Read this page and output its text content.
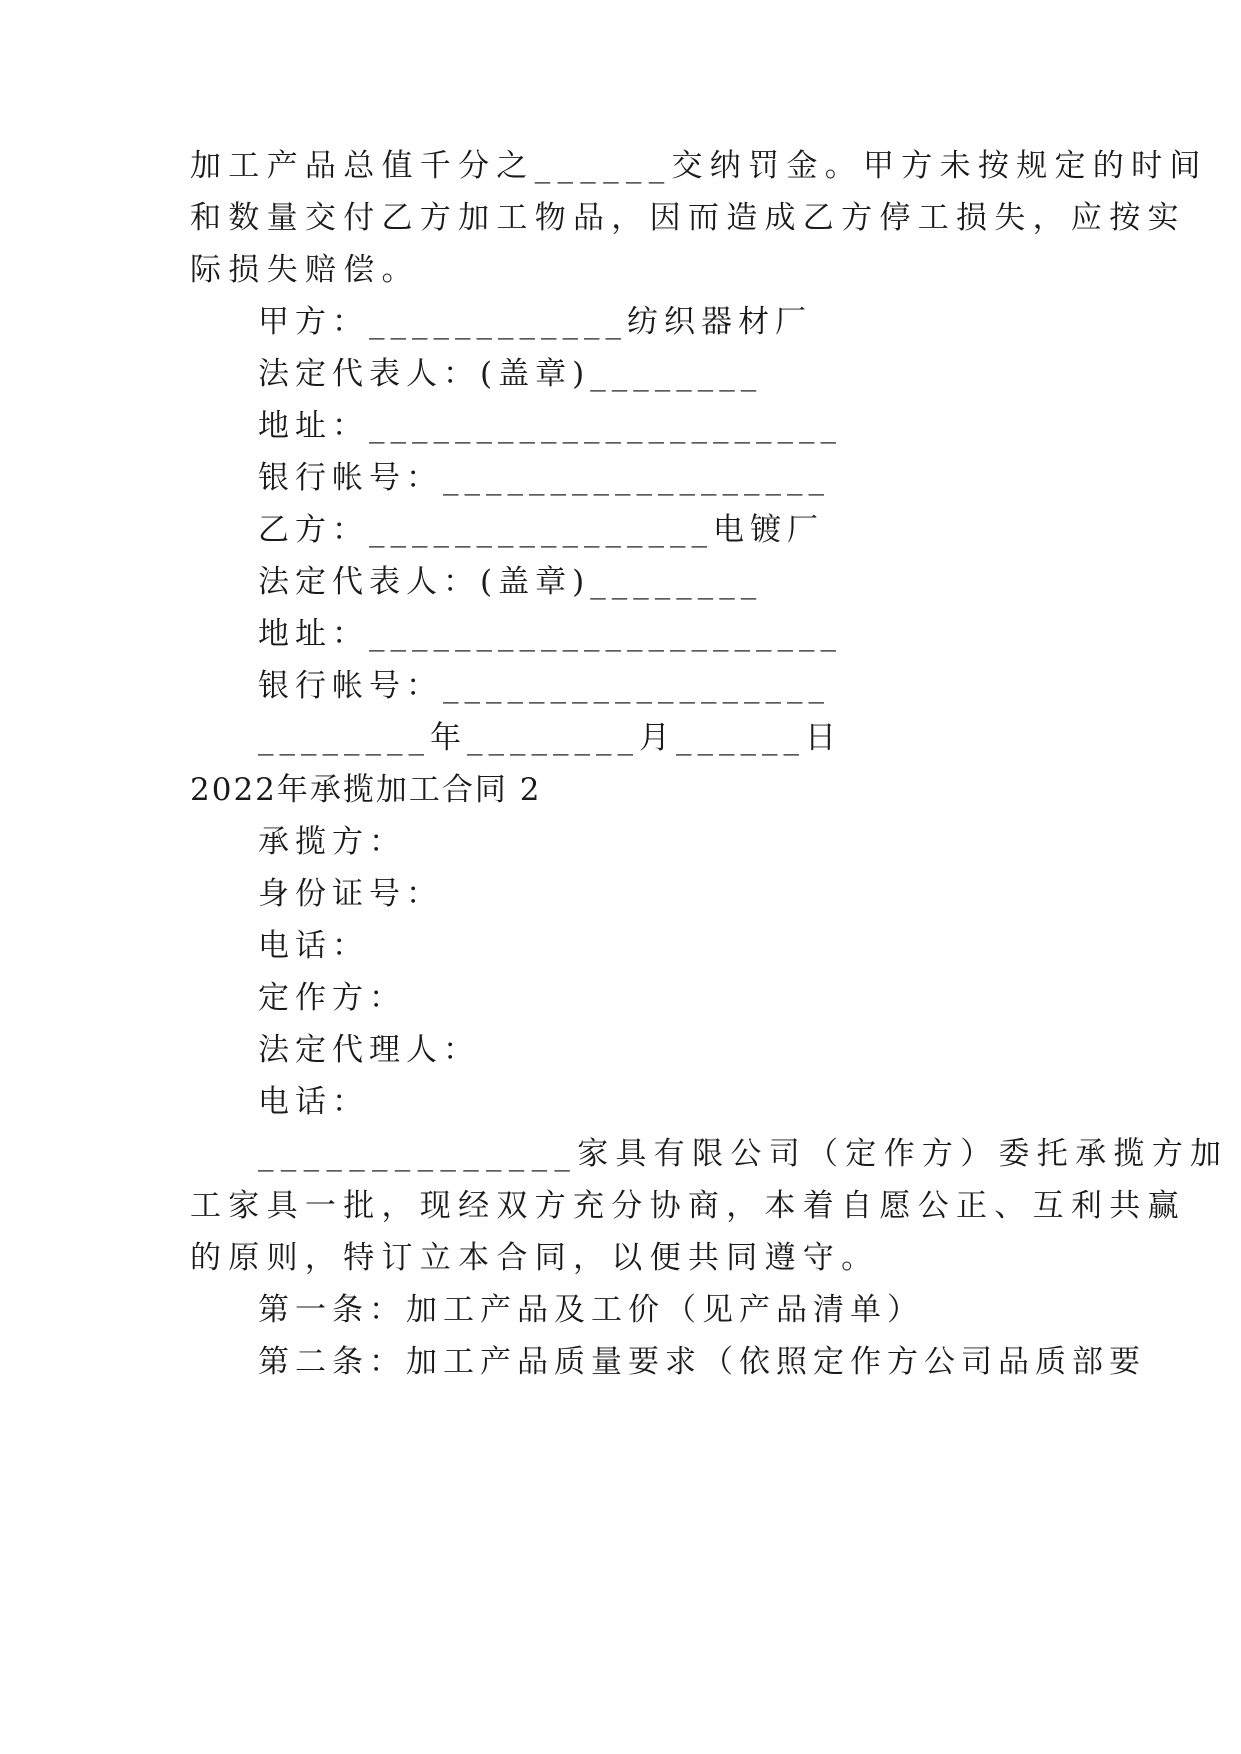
加工产品总值千分之______交纳罚金。甲方未按规定的时间
和数量交付乙方加工物品，因而造成乙方停工损失，应按实
际损失赔偿。
甲方：____________纺织器材厂
法定代表人：(盖章)________
地址：______________________
银行帐号：__________________
乙方：________________电镀厂
法定代表人：(盖章)________
地址：______________________
银行帐号：__________________
________年________月______日
2022年承揽加工合同 2
承揽方：
身份证号：
电话：
定作方：
法定代理人：
电话：
______________家具有限公司（定作方）委托承揽方加
工家具一批，现经双方充分协商，本着自愿公正、互利共赢
的原则，特订立本合同，以便共同遵守。
第一条：加工产品及工价（见产品清单）
第二条：加工产品质量要求（依照定作方公司品质部要
